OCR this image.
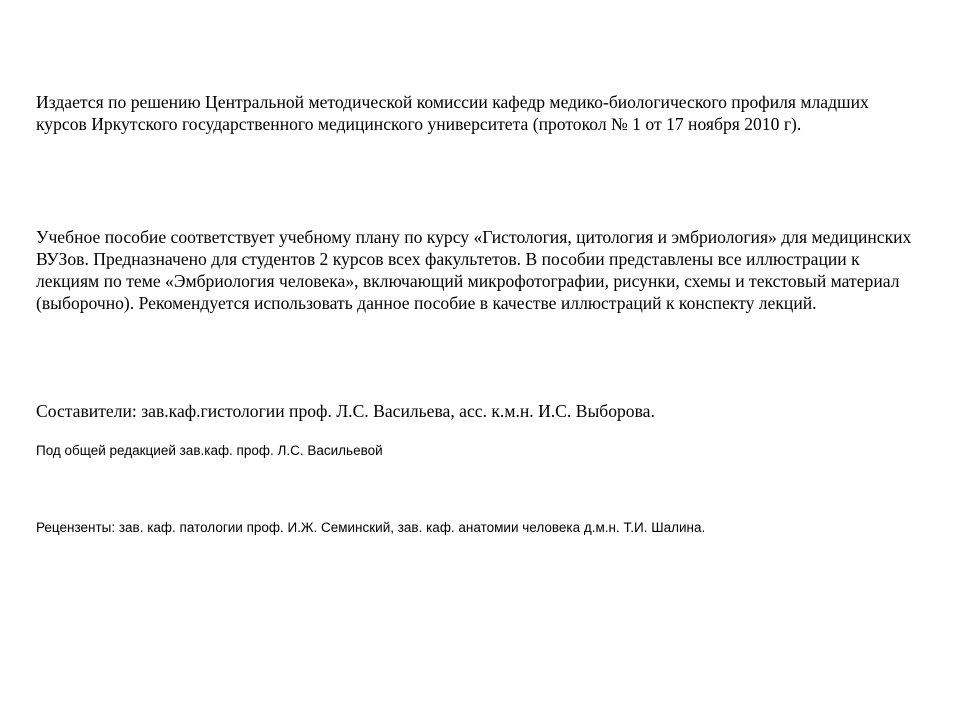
Издается по решению Центральной методической комиссии кафедр медико-биологического профиля младших курсов Иркутского государственного медицинского университета (протокол № 1 от 17 ноября 2010 г).

Учебное пособие соответствует учебному плану по курсу «Гистология, цитология и эмбриология» для медицинских ВУЗов. Предназначено для студентов 2 курсов всех факультетов. В пособии представлены все иллюстрации к лекциям по теме «Эмбриология человека», включающий микрофотографии, рисунки, схемы и текстовый материал (выборочно). Рекомендуется использовать данное пособие в качестве иллюстраций к конспекту лекций.

Составители: зав.каф.гистологии проф. Л.С. Васильева, асс. к.м.н. И.С. Выборова.

Под общей редакцией зав.каф. проф. Л.С. Васильевой

Рецензенты: зав. каф. патологии проф. И.Ж. Семинский, зав. каф. анатомии человека д.м.н. Т.И. Шалина.
